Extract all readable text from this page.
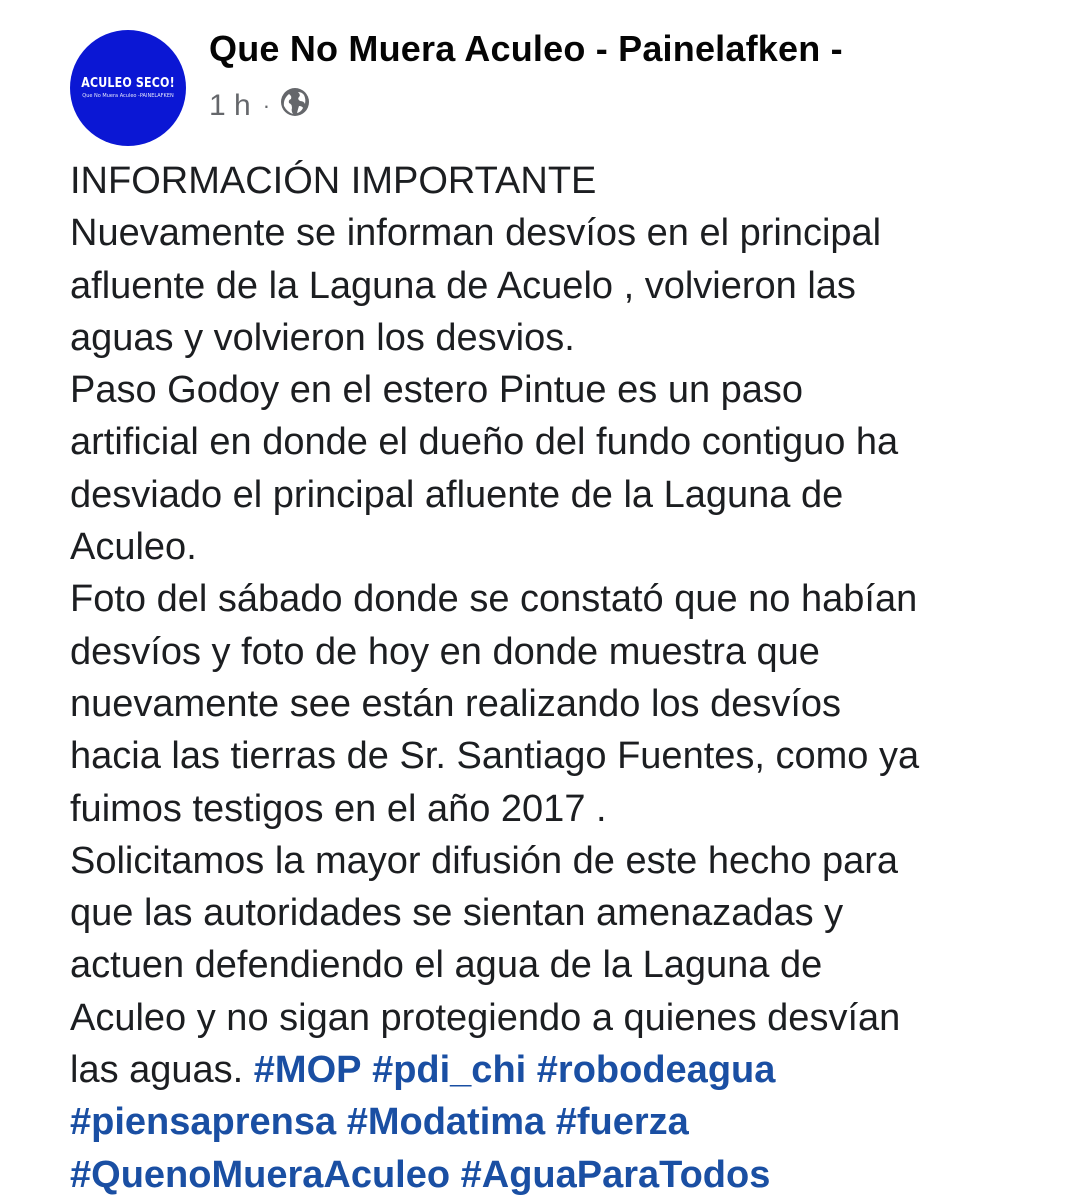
ACULEO SECO!
Que No Muera Aculeo -PAINELAFKEN
Que No Muera Aculeo - Painelafken -
1 h ·
INFORMACIÓN IMPORTANTE
Nuevamente se informan desvíos en el principal
afluente de la Laguna de Acuelo , volvieron las
aguas y volvieron los desvios.
Paso Godoy en el estero Pintue es un paso
artificial en donde el dueño del fundo contiguo ha
desviado el principal afluente de la Laguna de
Aculeo.
Foto del sábado donde se constató que no habían
desvíos y foto de hoy en donde muestra que
nuevamente see están realizando los desvíos
hacia las tierras de Sr. Santiago Fuentes, como ya
fuimos testigos en el año 2017 .
Solicitamos la mayor difusión de este hecho para
que las autoridades se sientan amenazadas y
actuen defendiendo el agua de la Laguna de
Aculeo y no sigan protegiendo a quienes desvían
las aguas. #MOP #pdi_chi #robodeagua
#piensaprensa #Modatima #fuerza
#QuenoMueraAculeo #AguaParaTodos
